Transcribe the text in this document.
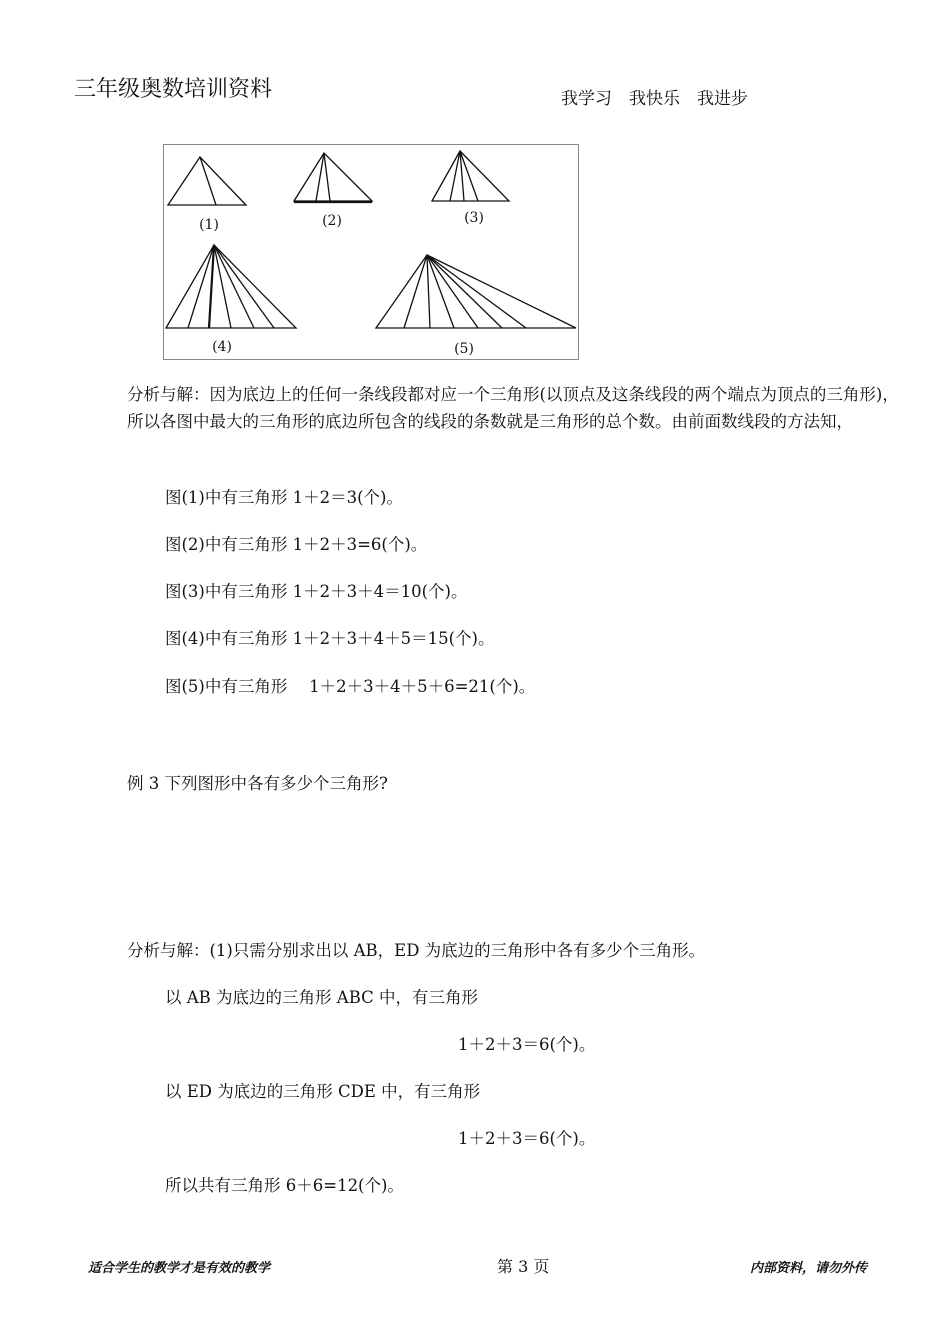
三年级奥数培训资料	我学习　我快乐　我进步
(1)	(2)	(3)
(4)	(5)
分析与解：因为底边上的任何一条线段都对应一个三角形(以顶点及这条线段的两个端点为顶点的三角形)，所以各图中最大的三角形的底边所包含的线段的条数就是三角形的总个数。由前面数线段的方法知，
图(1)中有三角形 1＋2＝3(个)。
图(2)中有三角形 1＋2＋3=6(个)。
图(3)中有三角形 1＋2＋3＋4＝10(个)。
图(4)中有三角形 1＋2＋3＋4＋5＝15(个)。
图(5)中有三角形　 1＋2＋3＋4＋5＋6=21(个)。
例 3 下列图形中各有多少个三角形?
分析与解：(1)只需分别求出以 AB，ED 为底边的三角形中各有多少个三角形。
以 AB 为底边的三角形 ABC 中，有三角形
1＋2＋3＝6(个)。
以 ED 为底边的三角形 CDE 中，有三角形
1＋2＋3＝6(个)。
所以共有三角形 6＋6=12(个)。
适合学生的教学才是有效的教学	第 3 页	内部资料，请勿外传
